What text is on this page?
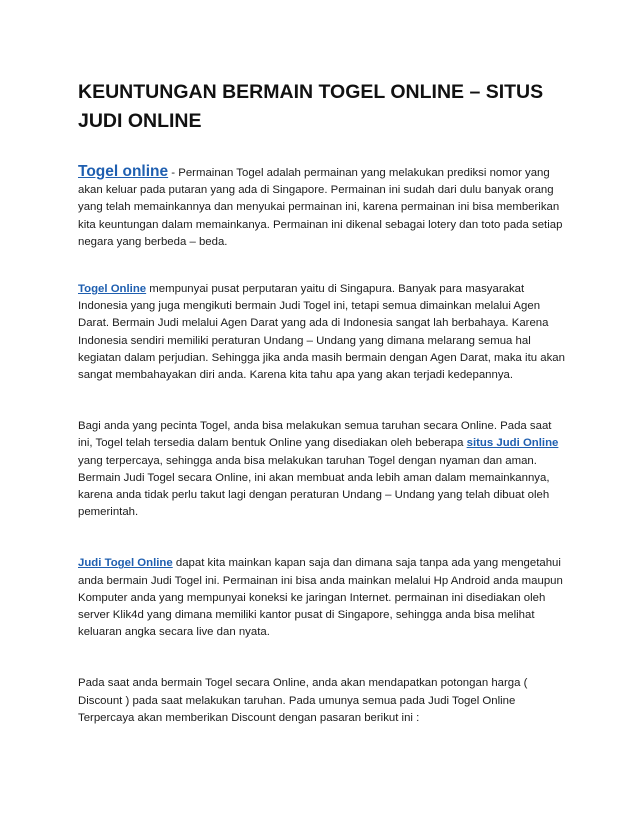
KEUNTUNGAN BERMAIN TOGEL ONLINE – SITUS JUDI ONLINE

Togel online - Permainan Togel adalah permainan yang melakukan prediksi nomor yang akan keluar pada putaran yang ada di Singapore. Permainan ini sudah dari dulu banyak orang yang telah memainkannya dan menyukai permainan ini, karena permainan ini bisa memberikan kita keuntungan dalam memainkanya. Permainan ini dikenal sebagai lotery dan toto pada setiap negara yang berbeda – beda.

Togel Online mempunyai pusat perputaran yaitu di Singapura. Banyak para masyarakat Indonesia yang juga mengikuti bermain Judi Togel ini, tetapi semua dimainkan melalui Agen Darat. Bermain Judi melalui Agen Darat yang ada di Indonesia sangat lah berbahaya. Karena Indonesia sendiri memiliki peraturan Undang – Undang yang dimana melarang semua hal kegiatan dalam perjudian. Sehingga jika anda masih bermain dengan Agen Darat, maka itu akan sangat membahayakan diri anda. Karena kita tahu apa yang akan terjadi kedepannya.

Bagi anda yang pecinta Togel, anda bisa melakukan semua taruhan secara Online. Pada saat ini, Togel telah tersedia dalam bentuk Online yang disediakan oleh beberapa situs Judi Online yang terpercaya, sehingga anda bisa melakukan taruhan Togel dengan nyaman dan aman. Bermain Judi Togel secara Online, ini akan membuat anda lebih aman dalam memainkannya, karena anda tidak perlu takut lagi dengan peraturan Undang – Undang yang telah dibuat oleh pemerintah.

Judi Togel Online dapat kita mainkan kapan saja dan dimana saja tanpa ada yang mengetahui anda bermain Judi Togel ini. Permainan ini bisa anda mainkan melalui Hp Android anda maupun Komputer anda yang mempunyai koneksi ke jaringan Internet. permainan ini disediakan oleh server Klik4d yang dimana memiliki kantor pusat di Singapore, sehingga anda bisa melihat keluaran angka secara live dan nyata.

Pada saat anda bermain Togel secara Online, anda akan mendapatkan potongan harga ( Discount ) pada saat melakukan taruhan. Pada umunya semua pada Judi Togel Online Terpercaya akan memberikan Discount dengan pasaran berikut ini :
